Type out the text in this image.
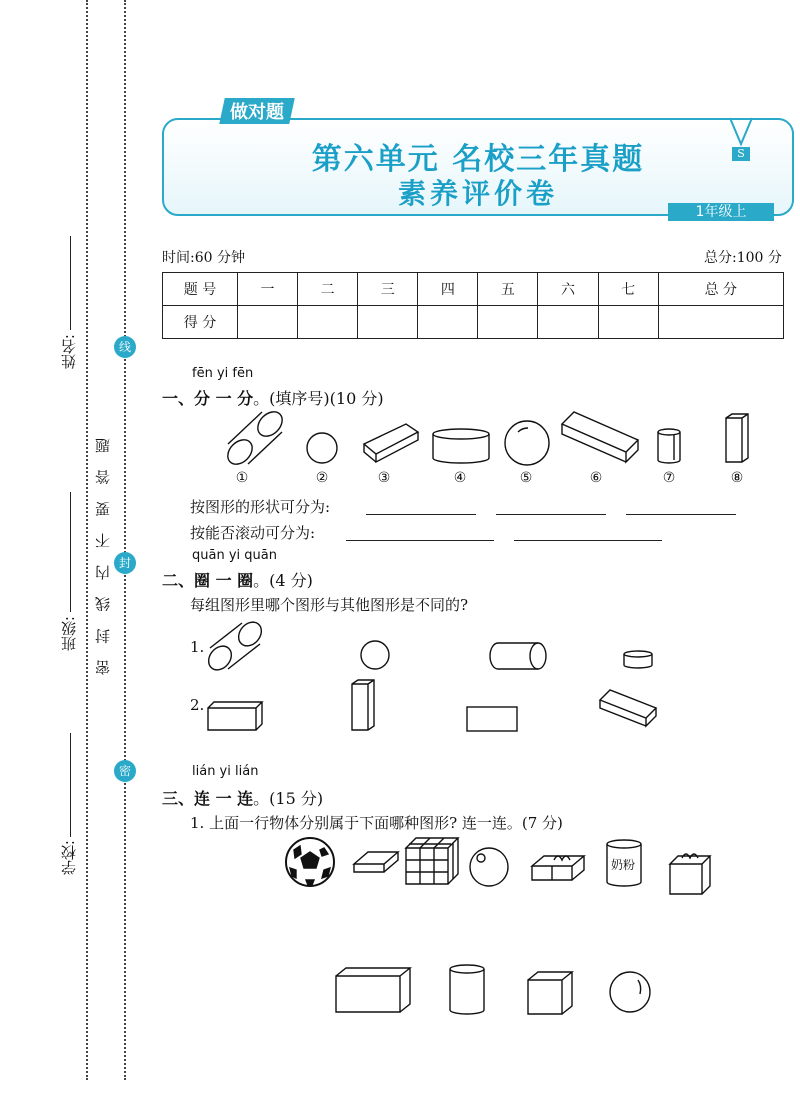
姓名:
班级:
学校:
密 封 线 内 不 要 答 题
线
封
密
第六单元 名校三年真题
素养评价卷
做对题
S
1年级上
时间:60 分钟	总分:100 分
题 号	一	二	三	四	五	六	七	总 分
得 分								
fēn yi fēn
一、分 一 分。(填序号)(10 分)
①	②	③	④	⑤	⑥	⑦	⑧
按图形的形状可分为:
按能否滚动可分为:
quān yi quān
二、圈 一 圈。(4 分)
每组图形里哪个图形与其他图形是不同的?
1.
2.
lián yi lián
三、连 一 连。(15 分)
1. 上面一行物体分别属于下面哪种图形? 连一连。(7 分)
奶粉
